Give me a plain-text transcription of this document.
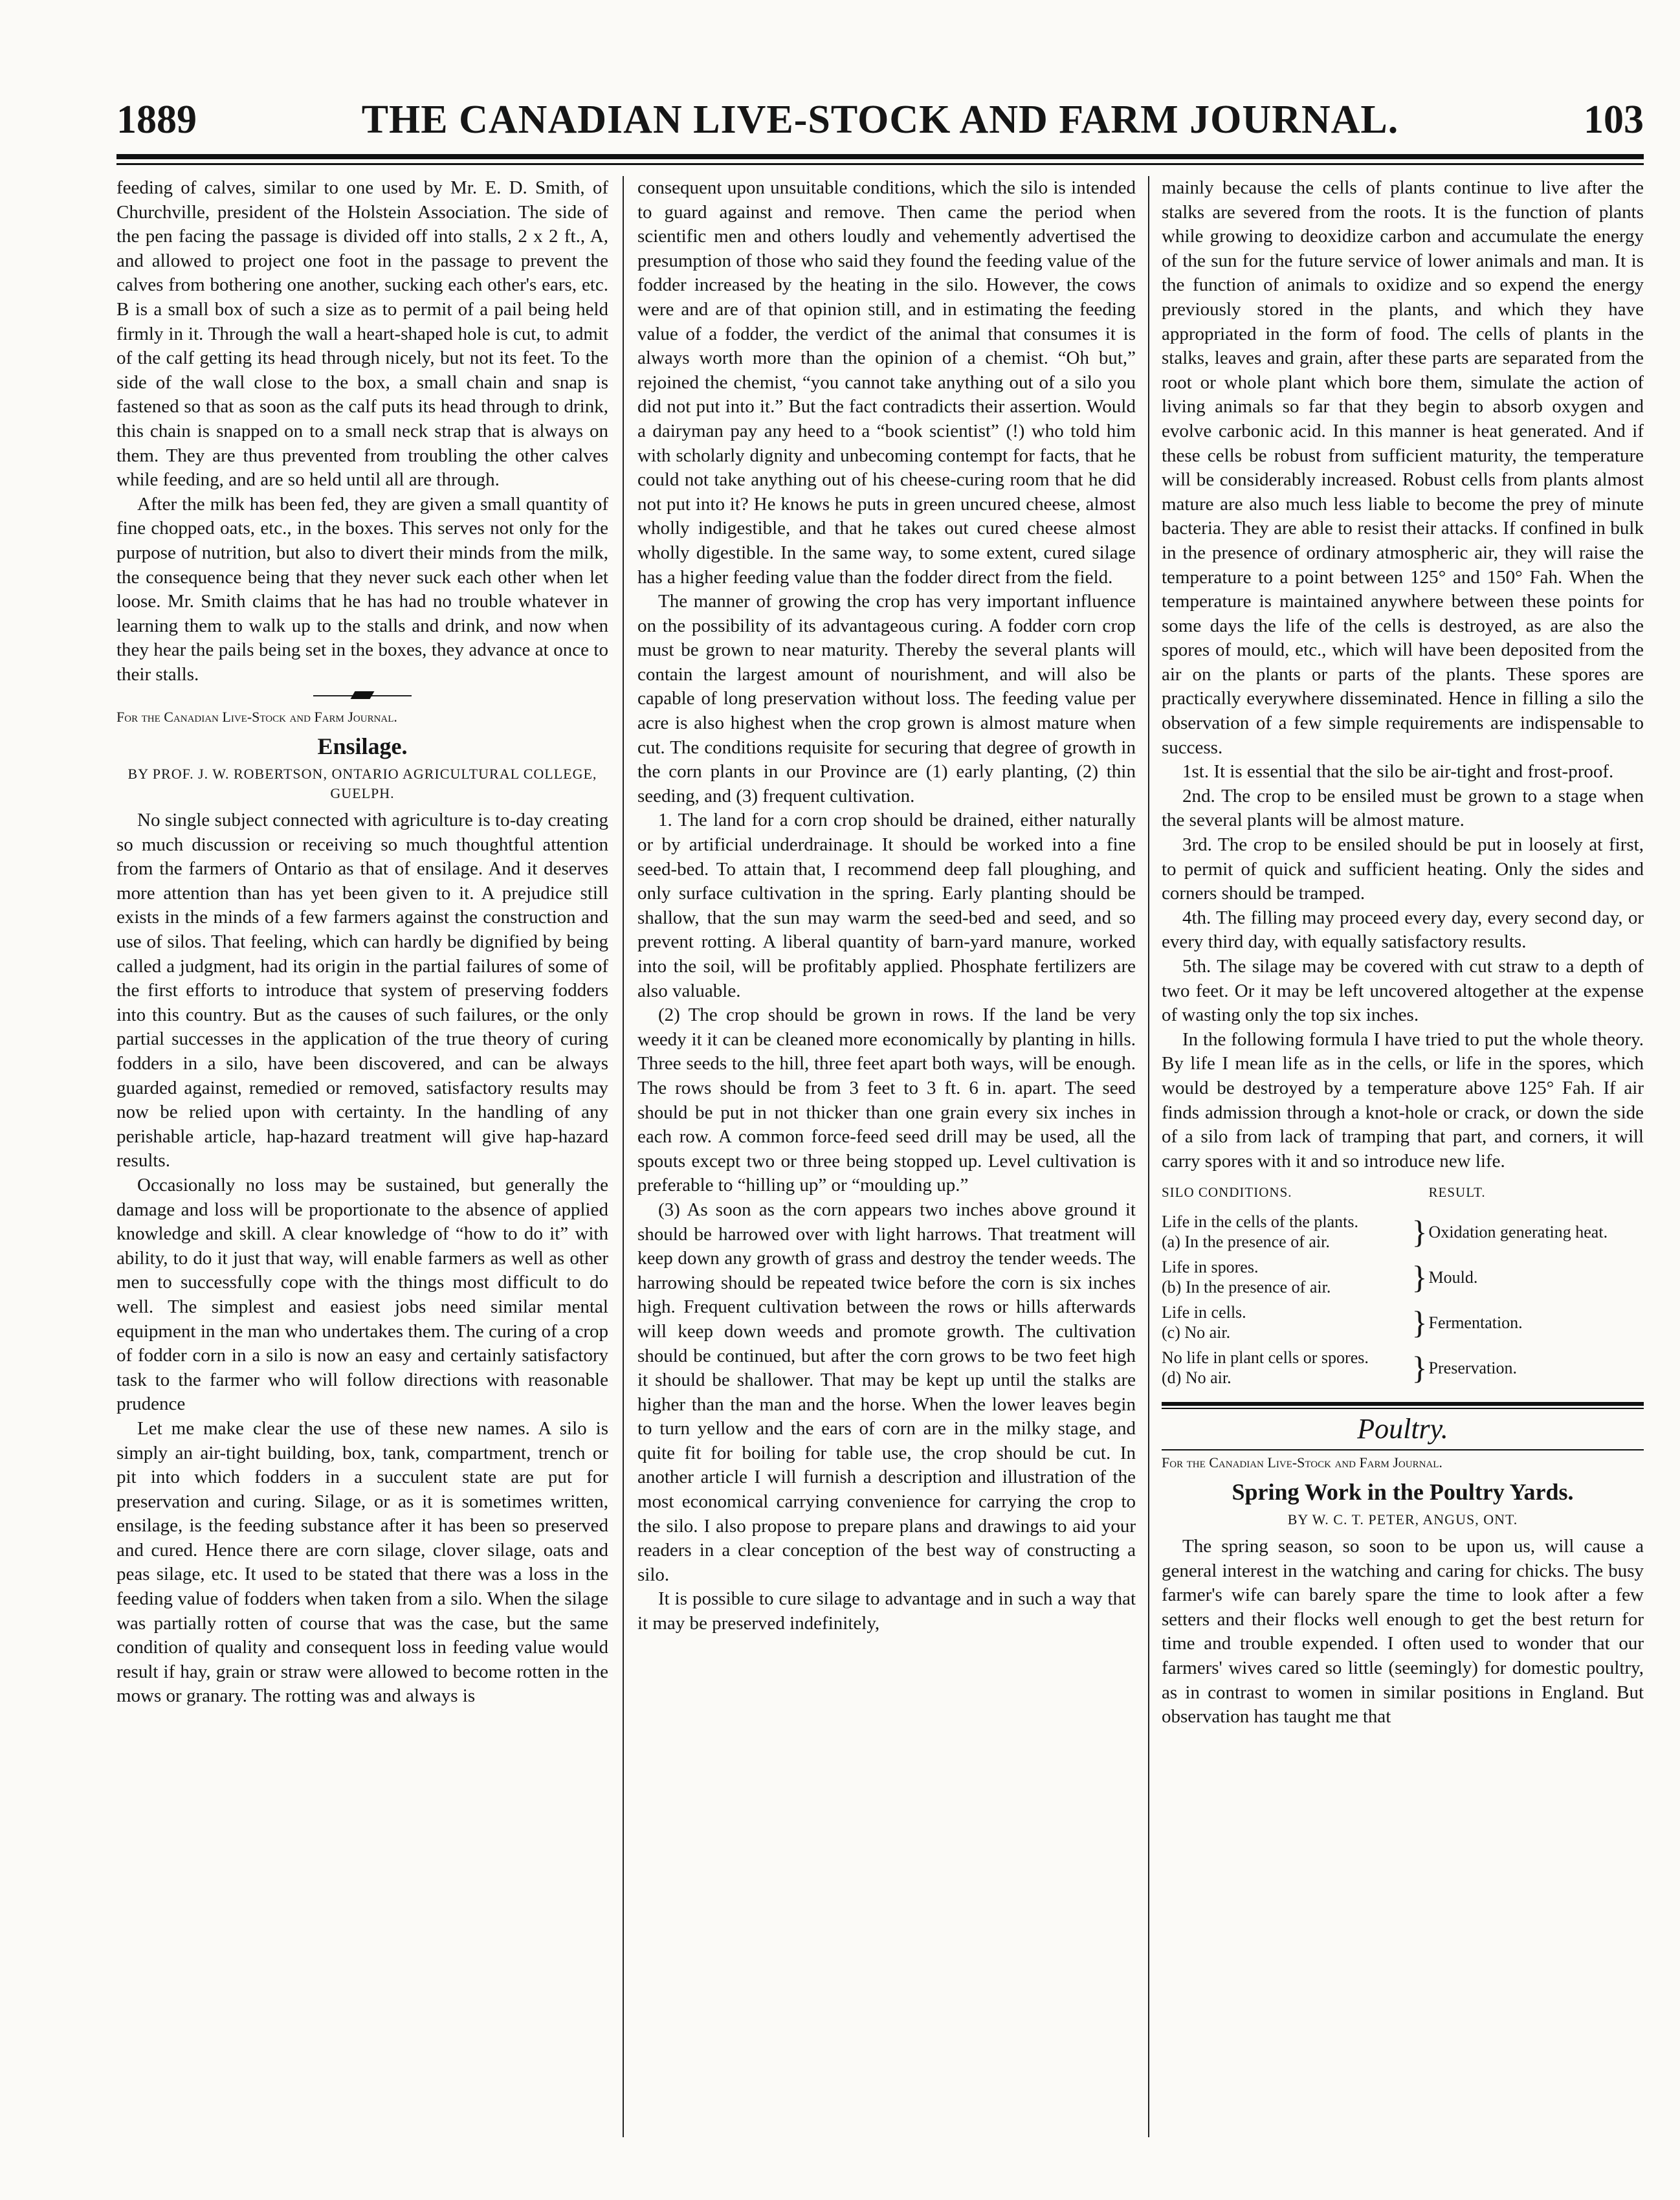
1889	THE CANADIAN LIVE-STOCK AND FARM JOURNAL.	103

feeding of calves, similar to one used by Mr. E. D. Smith, of Churchville, president of the Holstein Association. The side of the pen facing the passage is divided off into stalls, 2 x 2 ft., A, and allowed to project one foot in the passage to prevent the calves from bothering one another, sucking each other's ears, etc. B is a small box of such a size as to permit of a pail being held firmly in it. Through the wall a heart-shaped hole is cut, to admit of the calf getting its head through nicely, but not its feet. To the side of the wall close to the box, a small chain and snap is fastened so that as soon as the calf puts its head through to drink, this chain is snapped on to a small neck strap that is always on them. They are thus prevented from troubling the other calves while feeding, and are so held until all are through.

After the milk has been fed, they are given a small quantity of fine chopped oats, etc., in the boxes. This serves not only for the purpose of nutrition, but also to divert their minds from the milk, the consequence being that they never suck each other when let loose. Mr. Smith claims that he has had no trouble whatever in learning them to walk up to the stalls and drink, and now when they hear the pails being set in the boxes, they advance at once to their stalls.

For the Canadian Live-Stock and Farm Journal.

Ensilage.
BY PROF. J. W. ROBERTSON, ONTARIO AGRICULTURAL COLLEGE, GUELPH.

No single subject connected with agriculture is to-day creating so much discussion or receiving so much thoughtful attention from the farmers of Ontario as that of ensilage. And it deserves more attention than has yet been given to it. A prejudice still exists in the minds of a few farmers against the construction and use of silos. That feeling, which can hardly be dignified by being called a judgment, had its origin in the partial failures of some of the first efforts to introduce that system of preserving fodders into this country. But as the causes of such failures, or the only partial successes in the application of the true theory of curing fodders in a silo, have been discovered, and can be always guarded against, remedied or removed, satisfactory results may now be relied upon with certainty. In the handling of any perishable article, hap-hazard treatment will give hap-hazard results.

Occasionally no loss may be sustained, but generally the damage and loss will be proportionate to the absence of applied knowledge and skill. A clear knowledge of “how to do it” with ability, to do it just that way, will enable farmers as well as other men to successfully cope with the things most difficult to do well. The simplest and easiest jobs need similar mental equipment in the man who undertakes them. The curing of a crop of fodder corn in a silo is now an easy and certainly satisfactory task to the farmer who will follow directions with reasonable prudence

Let me make clear the use of these new names. A silo is simply an air-tight building, box, tank, compartment, trench or pit into which fodders in a succulent state are put for preservation and curing. Silage, or as it is sometimes written, ensilage, is the feeding substance after it has been so preserved and cured. Hence there are corn silage, clover silage, oats and peas silage, etc. It used to be stated that there was a loss in the feeding value of fodders when taken from a silo. When the silage was partially rotten of course that was the case, but the same condition of quality and consequent loss in feeding value would result if hay, grain or straw were allowed to become rotten in the mows or granary. The rotting was and always is

consequent upon unsuitable conditions, which the silo is intended to guard against and remove. Then came the period when scientific men and others loudly and vehemently advertised the presumption of those who said they found the feeding value of the fodder increased by the heating in the silo. However, the cows were and are of that opinion still, and in estimating the feeding value of a fodder, the verdict of the animal that consumes it is always worth more than the opinion of a chemist. “Oh but,” rejoined the chemist, “you cannot take anything out of a silo you did not put into it.” But the fact contradicts their assertion. Would a dairyman pay any heed to a “book scientist” (!) who told him with scholarly dignity and unbecoming contempt for facts, that he could not take anything out of his cheese-curing room that he did not put into it? He knows he puts in green uncured cheese, almost wholly indigestible, and that he takes out cured cheese almost wholly digestible. In the same way, to some extent, cured silage has a higher feeding value than the fodder direct from the field.

The manner of growing the crop has very important influence on the possibility of its advantageous curing. A fodder corn crop must be grown to near maturity. Thereby the several plants will contain the largest amount of nourishment, and will also be capable of long preservation without loss. The feeding value per acre is also highest when the crop grown is almost mature when cut. The conditions requisite for securing that degree of growth in the corn plants in our Province are (1) early planting, (2) thin seeding, and (3) frequent cultivation.

1. The land for a corn crop should be drained, either naturally or by artificial underdrainage. It should be worked into a fine seed-bed. To attain that, I recommend deep fall ploughing, and only surface cultivation in the spring. Early planting should be shallow, that the sun may warm the seed-bed and seed, and so prevent rotting. A liberal quantity of barn-yard manure, worked into the soil, will be profitably applied. Phosphate fertilizers are also valuable.

(2) The crop should be grown in rows. If the land be very weedy it it can be cleaned more economically by planting in hills. Three seeds to the hill, three feet apart both ways, will be enough. The rows should be from 3 feet to 3 ft. 6 in. apart. The seed should be put in not thicker than one grain every six inches in each row. A common force-feed seed drill may be used, all the spouts except two or three being stopped up. Level cultivation is preferable to “hilling up” or “moulding up.”

(3) As soon as the corn appears two inches above ground it should be harrowed over with light harrows. That treatment will keep down any growth of grass and destroy the tender weeds. The harrowing should be repeated twice before the corn is six inches high. Frequent cultivation between the rows or hills afterwards will keep down weeds and promote growth. The cultivation should be continued, but after the corn grows to be two feet high it should be shallower. That may be kept up until the stalks are higher than the man and the horse. When the lower leaves begin to turn yellow and the ears of corn are in the milky stage, and quite fit for boiling for table use, the crop should be cut. In another article I will furnish a description and illustration of the most economical carrying convenience for carrying the crop to the silo. I also propose to prepare plans and drawings to aid your readers in a clear conception of the best way of constructing a silo.

It is possible to cure silage to advantage and in such a way that it may be preserved indefinitely,

mainly because the cells of plants continue to live after the stalks are severed from the roots. It is the function of plants while growing to deoxidize carbon and accumulate the energy of the sun for the future service of lower animals and man. It is the function of animals to oxidize and so expend the energy previously stored in the plants, and which they have appropriated in the form of food. The cells of plants in the stalks, leaves and grain, after these parts are separated from the root or whole plant which bore them, simulate the action of living animals so far that they begin to absorb oxygen and evolve carbonic acid. In this manner is heat generated. And if these cells be robust from sufficient maturity, the temperature will be considerably increased. Robust cells from plants almost mature are also much less liable to become the prey of minute bacteria. They are able to resist their attacks. If confined in bulk in the presence of ordinary atmospheric air, they will raise the temperature to a point between 125° and 150° Fah. When the temperature is maintained anywhere between these points for some days the life of the cells is destroyed, as are also the spores of mould, etc., which will have been deposited from the air on the plants or parts of the plants. These spores are practically everywhere disseminated. Hence in filling a silo the observation of a few simple requirements are indispensable to success.

1st. It is essential that the silo be air-tight and frost-proof.

2nd. The crop to be ensiled must be grown to a stage when the several plants will be almost mature.

3rd. The crop to be ensiled should be put in loosely at first, to permit of quick and sufficient heating. Only the sides and corners should be tramped.

4th. The filling may proceed every day, every second day, or every third day, with equally satisfactory results.

5th. The silage may be covered with cut straw to a depth of two feet. Or it may be left uncovered altogether at the expense of wasting only the top six inches.

In the following formula I have tried to put the whole theory. By life I mean life as in the cells, or life in the spores, which would be destroyed by a temperature above 125° Fah. If air finds admission through a knot-hole or crack, or down the side of a silo from lack of tramping that part, and corners, it will carry spores with it and so introduce new life.

SILO CONDITIONS.		RESULT.

Life in the cells of the plants.
(a) In the presence of air.	}	Oxidation generating heat.

Life in spores.
(b) In the presence of air.	}	Mould.

Life in cells.
(c) No air.	}	Fermentation.

No life in plant cells or spores.
(d) No air.	}	Preservation.
Poultry.

For the Canadian Live-Stock and Farm Journal.

Spring Work in the Poultry Yards.
BY W. C. T. PETER, ANGUS, ONT.

The spring season, so soon to be upon us, will cause a general interest in the watching and caring for chicks. The busy farmer's wife can barely spare the time to look after a few setters and their flocks well enough to get the best return for time and trouble expended. I often used to wonder that our farmers' wives cared so little (seemingly) for domestic poultry, as in contrast to women in similar positions in England. But observation has taught me that
